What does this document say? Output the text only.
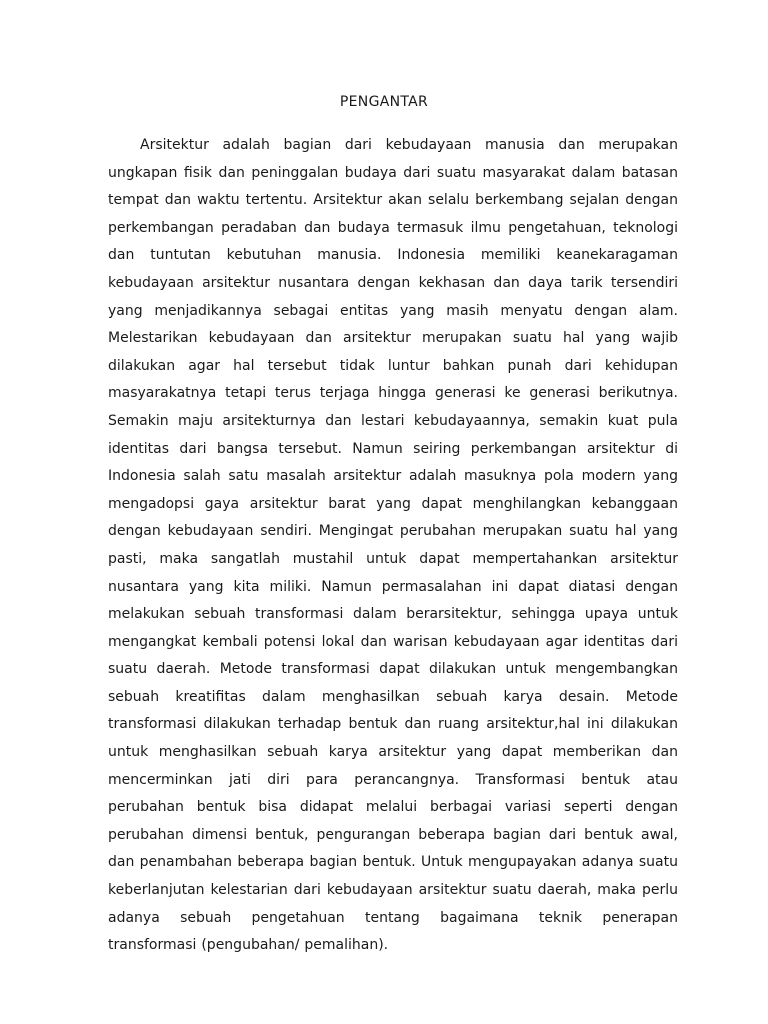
PENGANTAR

Arsitektur adalah bagian dari kebudayaan manusia dan merupakan ungkapan fisik dan peninggalan budaya dari suatu masyarakat dalam batasan tempat dan waktu tertentu. Arsitektur akan selalu berkembang sejalan dengan perkembangan peradaban dan budaya termasuk ilmu pengetahuan, teknologi dan tuntutan kebutuhan manusia. Indonesia memiliki keanekaragaman kebudayaan arsitektur nusantara dengan kekhasan dan daya tarik tersendiri yang menjadikannya sebagai entitas yang masih menyatu dengan alam. Melestarikan kebudayaan dan arsitektur merupakan suatu hal yang wajib dilakukan agar hal tersebut tidak luntur bahkan punah dari kehidupan masyarakatnya tetapi terus terjaga hingga generasi ke generasi berikutnya. Semakin maju arsitekturnya dan lestari kebudayaannya, semakin kuat pula identitas dari bangsa tersebut. Namun seiring perkembangan arsitektur di Indonesia salah satu masalah arsitektur adalah masuknya pola modern yang mengadopsi gaya arsitektur barat yang dapat menghilangkan kebanggaan dengan kebudayaan sendiri. Mengingat perubahan merupakan suatu hal yang pasti, maka sangatlah mustahil untuk dapat mempertahankan arsitektur nusantara yang kita miliki. Namun permasalahan ini dapat diatasi dengan melakukan sebuah transformasi dalam berarsitektur, sehingga upaya untuk mengangkat kembali potensi lokal dan warisan kebudayaan agar identitas dari suatu daerah. Metode transformasi dapat dilakukan untuk mengembangkan sebuah kreatifitas dalam menghasilkan sebuah karya desain. Metode transformasi dilakukan terhadap bentuk dan ruang arsitektur,hal ini dilakukan untuk menghasilkan sebuah karya arsitektur yang dapat memberikan dan mencerminkan jati diri para perancangnya. Transformasi bentuk atau perubahan bentuk bisa didapat melalui berbagai variasi seperti dengan perubahan dimensi bentuk, pengurangan beberapa bagian dari bentuk awal, dan penambahan beberapa bagian bentuk. Untuk mengupayakan adanya suatu keberlanjutan kelestarian dari kebudayaan arsitektur suatu daerah, maka perlu adanya sebuah pengetahuan tentang bagaimana teknik penerapan transformasi (pengubahan/ pemalihan).
